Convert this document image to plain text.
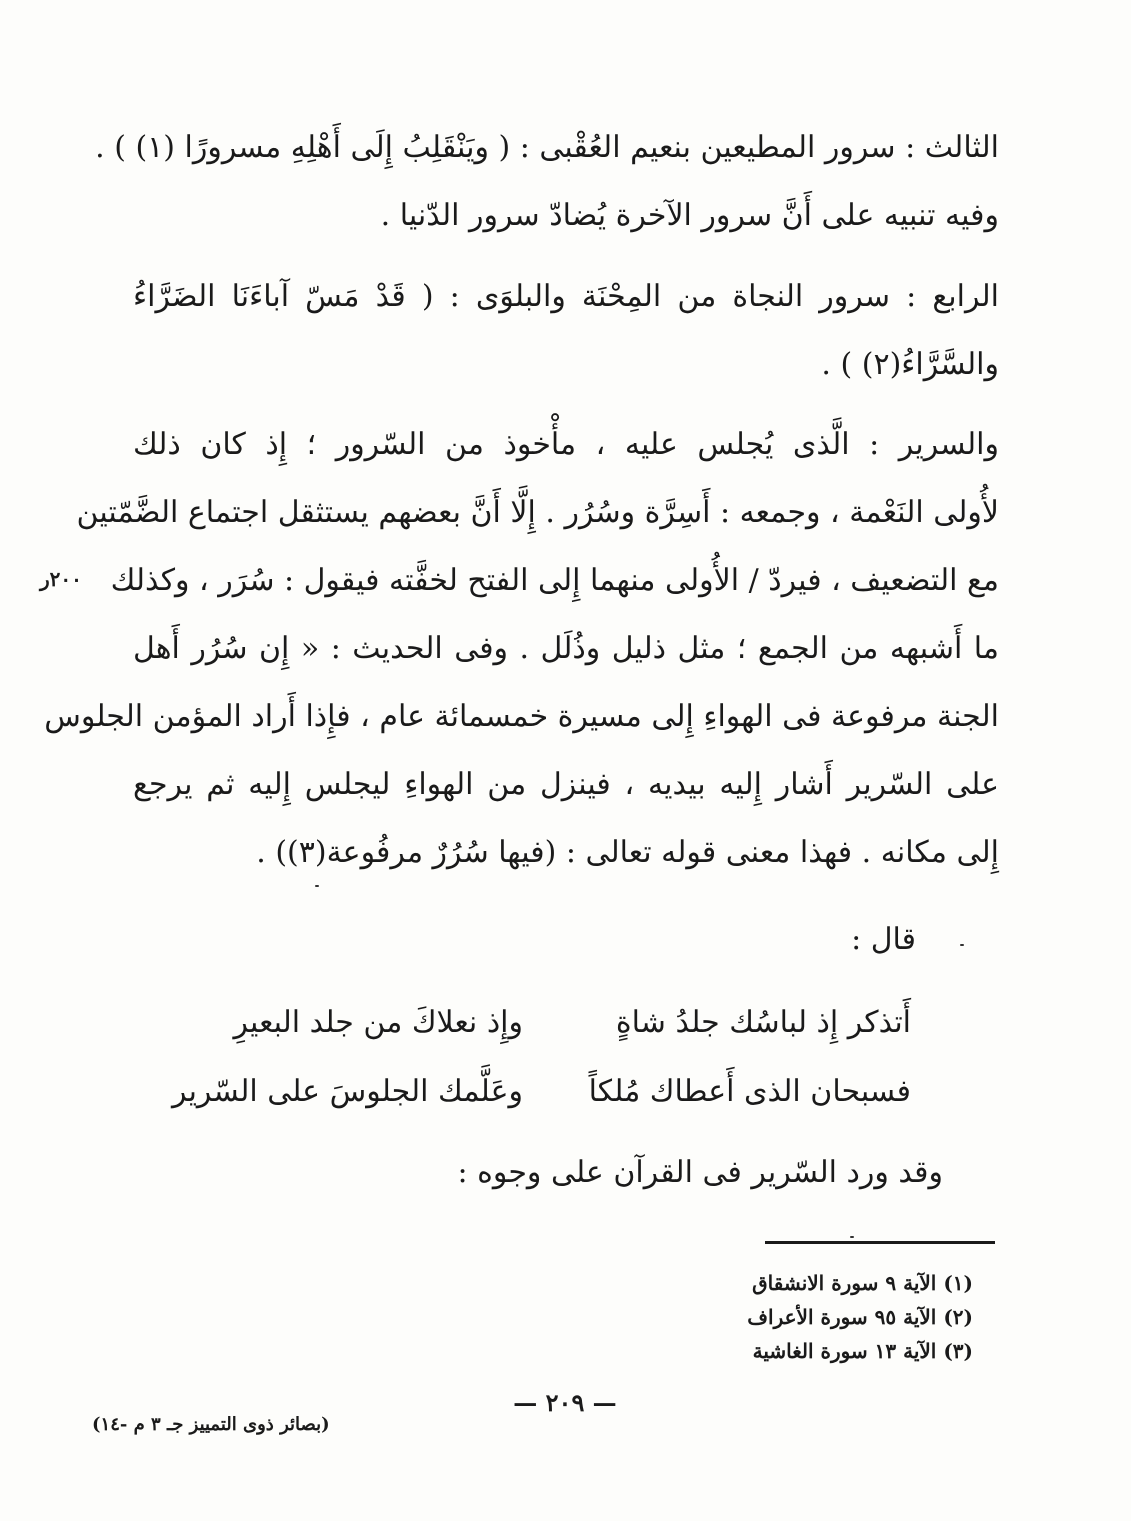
الثالث : سرور المطيعين بنعيم العُقْبى : ( ويَنْقَلِبُ إِلَى أَهْلِهِ مسرورًا (١) ) .
وفيه تنبيه على أَنَّ سرور الآخرة يُضادّ سرور الدّنيا .
الرابع : سرور النجاة من المِحْنَة والبلوَى : ( قَدْ مَسّ آباءَنَا الضَرَّاءُ
والسَّرَّاءُ(٢) ) .
والسرير : الَّذى يُجلس عليه ، مأْخوذ من السّرور ؛ إِذ كان ذلك
لأُولى النَعْمة ، وجمعه : أَسِرَّة وسُرُر . إِلَّا أَنَّ بعضهم يستثقل اجتماع الضَّمّتين
مع التضعيف ، فيردّ / الأُولى منهما إِلى الفتح لخفَّته فيقول : سُرَر ، وكذلك
ما أَشبهه من الجمع ؛ مثل ذليل وذُلَل . وفى الحديث : « إِن سُرُر أَهل
الجنة مرفوعة فى الهواءِ إِلى مسيرة خمسمائة عام ، فإِذا أَراد المؤمن الجلوس
على السّرير أَشار إِليه بيديه ، فينزل من الهواءِ ليجلس إِليه ثم يرجع
إِلى مكانه . فهذا معنى قوله تعالى : (فيها سُرُرٌ مرفُوعة(٣)) .
قال :
أَتذكر إِذ لباسُك جلدُ شاةٍ
وإِذ نعلاكَ من جلد البعيرِ
فسبحان الذى أَعطاك مُلكاً
وعَلَّمك الجلوسَ على السّرير
وقد ورد السّرير فى القرآن على وجوه :
(١) الآية ٩ سورة الانشقاق
(٢) الآية ٩٥ سورة الأعراف
(٣) الآية ١٣ سورة الغاشية
— ٢٠٩ —
٢٠٠ر
(بصائر ذوى التمييز جـ ٣ م -١٤)
